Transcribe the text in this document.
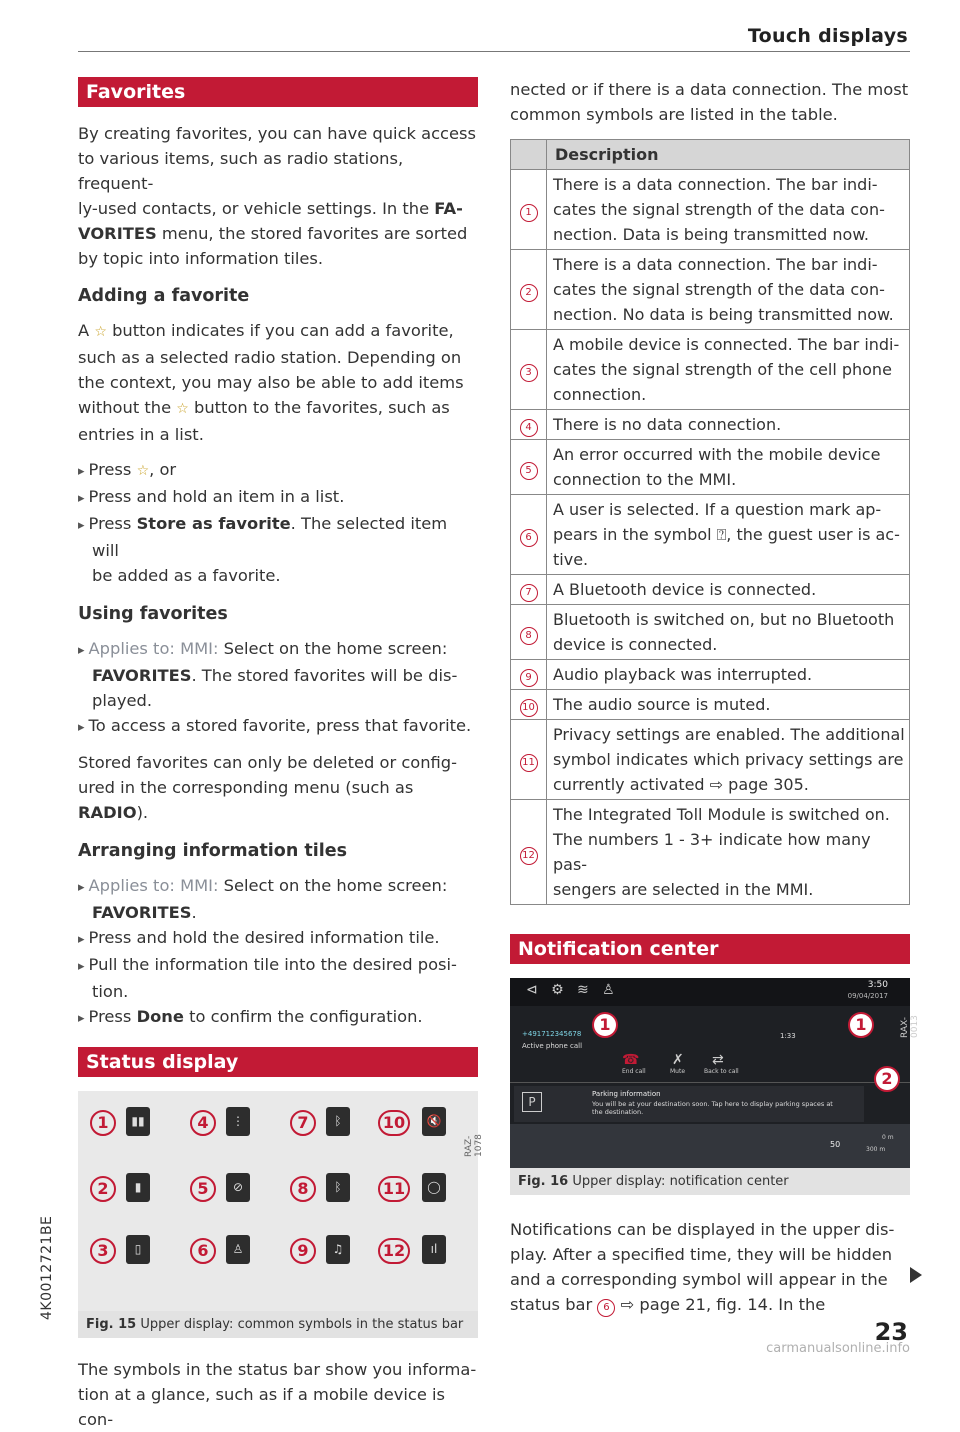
Touch displays
Favorites

By creating favorites, you can have quick access
to various items, such as radio stations, frequent-
ly-used contacts, or vehicle settings. In the FA-
VORITES menu, the stored favorites are sorted
by topic into information tiles.

Adding a favorite

A ☆ button indicates if you can add a favorite,
such as a selected radio station. Depending on
the context, you may also be able to add items
without the ☆ button to the favorites, such as
entries in a list.

▸ Press ☆, or
▸ Press and hold an item in a list.
▸ Press Store as favorite. The selected item will
be added as a favorite.
Using favorites
▸ Applies to: MMI: Select on the home screen:
FAVORITES. The stored favorites will be dis-
played.
▸ To access a stored favorite, press that favorite.

Stored favorites can only be deleted or config-
ured in the corresponding menu (such as RADIO).

Arranging information tiles
▸ Applies to: MMI: Select on the home screen:
FAVORITES.
▸ Press and hold the desired information tile.
▸ Pull the information tile into the desired posi-
tion.
▸ Press Done to confirm the configuration.
Status display
1	▮▮	4	⋮	7	ᛒ	10	🔇
2	▮	5	⊘	8	ᛒ	11	◯
3	▯	6	♙	9	♫	12	ıl
RAZ-1078
Fig. 15 Upper display: common symbols in the status bar

The symbols in the status bar show you informa-
tion at a glance, such as if a mobile device is con-

nected or if there is a data connection. The most
common symbols are listed in the table.

	Description
1	There is a data connection. The bar indi-
cates the signal strength of the data con-
nection. Data is being transmitted now.

2	There is a data connection. The bar indi-
cates the signal strength of the data con-
nection. No data is being transmitted now.

3	A mobile device is connected. The bar indi-
cates the signal strength of the cell phone
connection.

4	There is no data connection.

5	An error occurred with the mobile device
connection to the MMI.

6	A user is selected. If a question mark ap-
pears in the symbol ⍰, the guest user is ac-
tive.

7	A Bluetooth device is connected.

8	Bluetooth is switched on, but no Bluetooth
device is connected.

9	Audio playback was interrupted.

10	The audio source is muted.

11	Privacy settings are enabled. The additional
symbol indicates which privacy settings are
currently activated ⇨ page 305.

12	The Integrated Toll Module is switched on.
The numbers 1 - 3+ indicate how many pas-
sengers are selected in the MMI.
Notification center
⊲   ⚙   ≋   ♙	3:50
09/04/2017
1	1
+491712345678
Active phone call
1:33
☎ ✗ ⇄
End call	Mute	Back to call
P
Parking information
You will be at your destination soon. Tap here to display parking spaces at the destination.
2
50
300 m
0 m
RAX-0013
Fig. 16 Upper display: notification center

Notifications can be displayed in the upper dis-
play. After a specified time, they will be hidden
and a corresponding symbol will appear in the
status bar 6 ⇨ page 21, fig. 14. In the

4K0012721BE
23
carmanualsonline.info
